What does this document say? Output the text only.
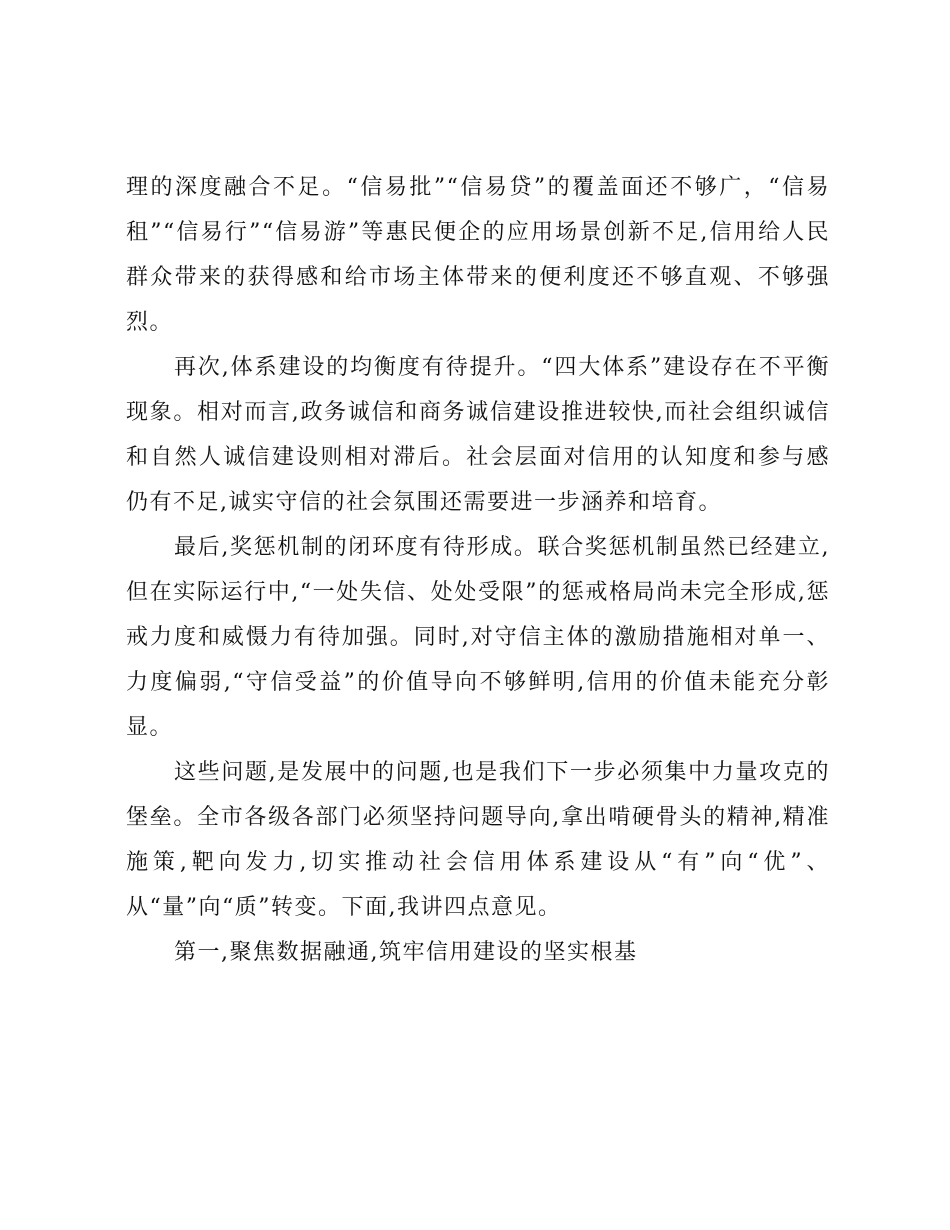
理的深度融合不足。“信易批”“信易贷”的覆盖面还不够广，“信易租”“信易行”“信易游”等惠民便企的应用场景创新不足,信用给人民群众带来的获得感和给市场主体带来的便利度还不够直观、不够强烈。

再次,体系建设的均衡度有待提升。“四大体系”建设存在不平衡现象。相对而言,政务诚信和商务诚信建设推进较快,而社会组织诚信和自然人诚信建设则相对滞后。社会层面对信用的认知度和参与感仍有不足,诚实守信的社会氛围还需要进一步涵养和培育。

最后,奖惩机制的闭环度有待形成。联合奖惩机制虽然已经建立,但在实际运行中,“一处失信、处处受限”的惩戒格局尚未完全形成,惩戒力度和威慑力有待加强。同时,对守信主体的激励措施相对单一、力度偏弱,“守信受益”的价值导向不够鲜明,信用的价值未能充分彰显。

这些问题,是发展中的问题,也是我们下一步必须集中力量攻克的堡垒。全市各级各部门必须坚持问题导向,拿出啃硬骨头的精神,精准施策,靶向发力,切实推动社会信用体系建设从“有”向“优”、从“量”向“质”转变。下面,我讲四点意见。

第一,聚焦数据融通,筑牢信用建设的坚实根基
